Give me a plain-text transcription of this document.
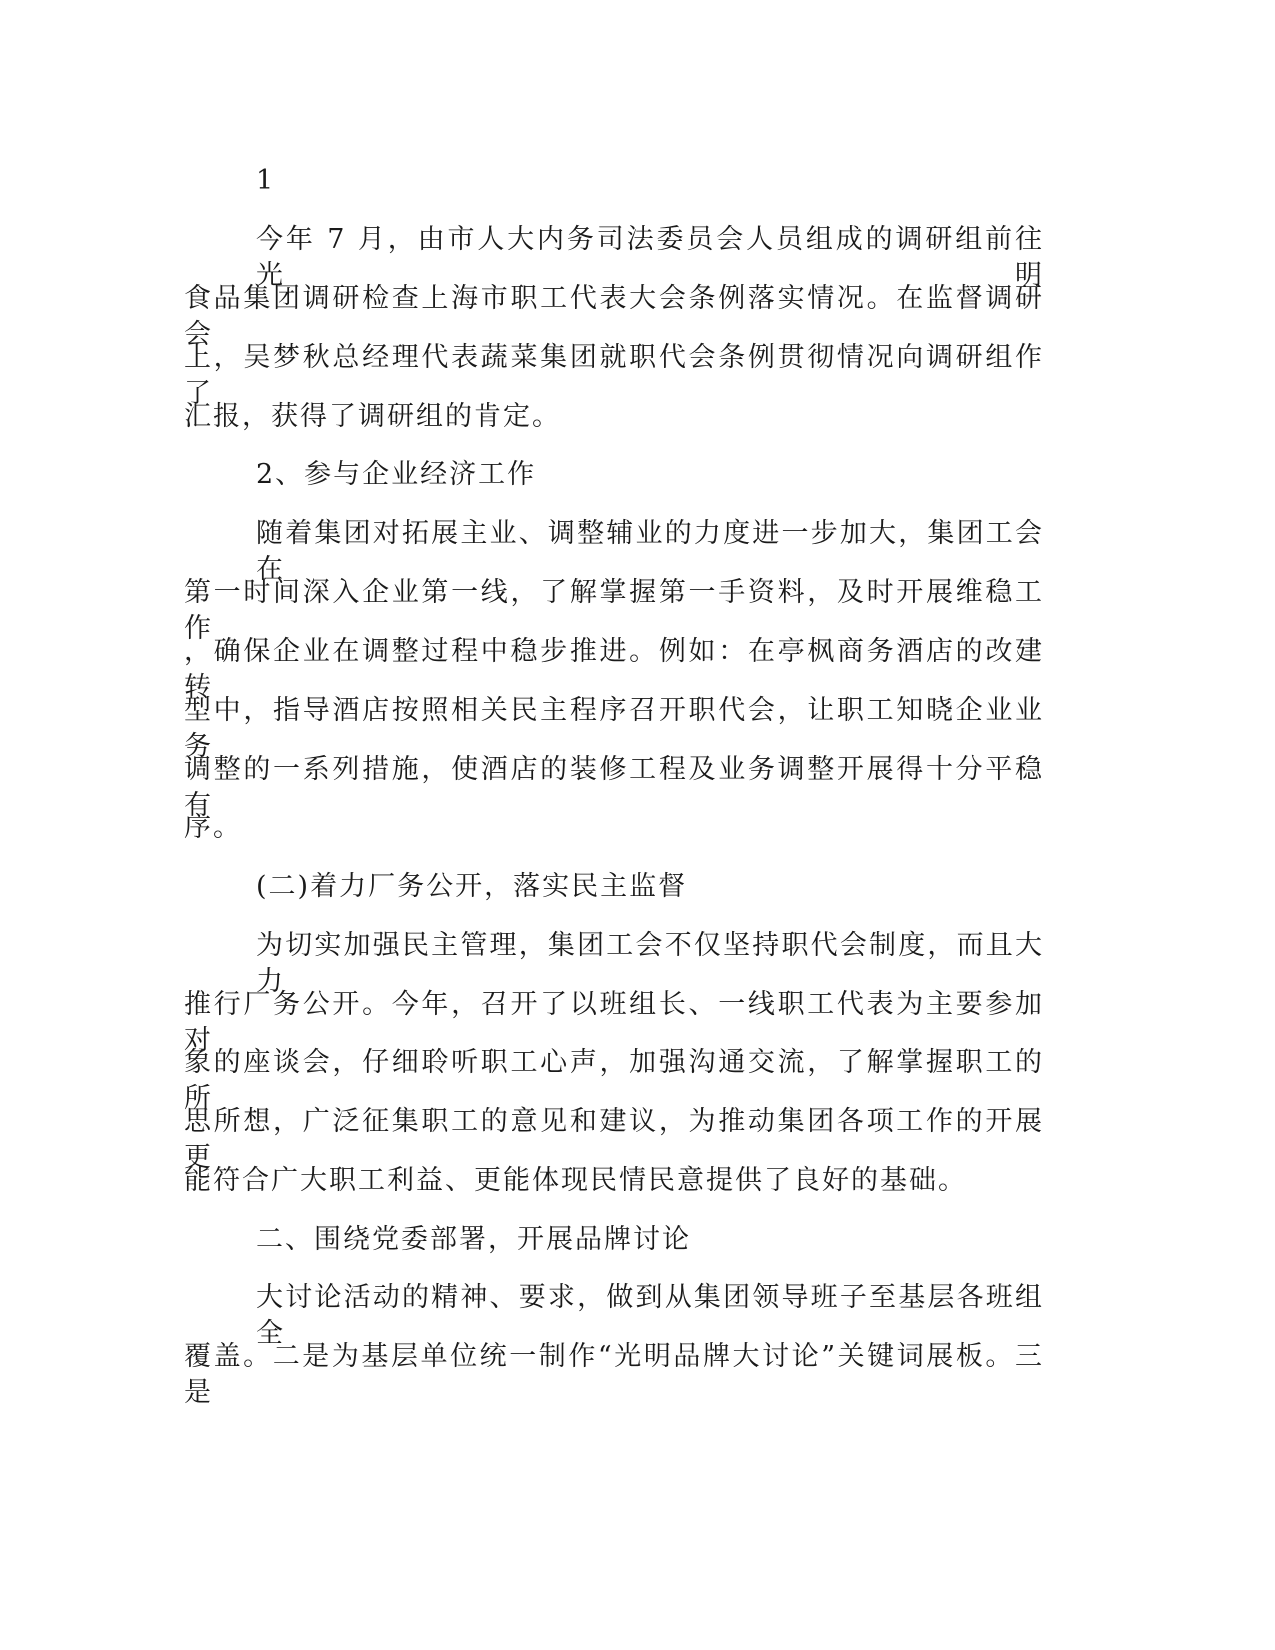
1
今年 7 月，由市人大内务司法委员会人员组成的调研组前往光明
食品集团调研检查上海市职工代表大会条例落实情况。在监督调研会
上，吴梦秋总经理代表蔬菜集团就职代会条例贯彻情况向调研组作了
汇报，获得了调研组的肯定。
2、参与企业经济工作
随着集团对拓展主业、调整辅业的力度进一步加大，集团工会在
第一时间深入企业第一线，了解掌握第一手资料，及时开展维稳工作
，确保企业在调整过程中稳步推进。例如：在亭枫商务酒店的改建转
型中，指导酒店按照相关民主程序召开职代会，让职工知晓企业业务
调整的一系列措施，使酒店的装修工程及业务调整开展得十分平稳有
序。
(二)着力厂务公开，落实民主监督
为切实加强民主管理，集团工会不仅坚持职代会制度，而且大力
推行厂务公开。今年，召开了以班组长、一线职工代表为主要参加对
象的座谈会，仔细聆听职工心声，加强沟通交流，了解掌握职工的所
思所想，广泛征集职工的意见和建议，为推动集团各项工作的开展更
能符合广大职工利益、更能体现民情民意提供了良好的基础。
二、围绕党委部署，开展品牌讨论
大讨论活动的精神、要求，做到从集团领导班子至基层各班组全
覆盖。二是为基层单位统一制作“光明品牌大讨论”关键词展板。三是
